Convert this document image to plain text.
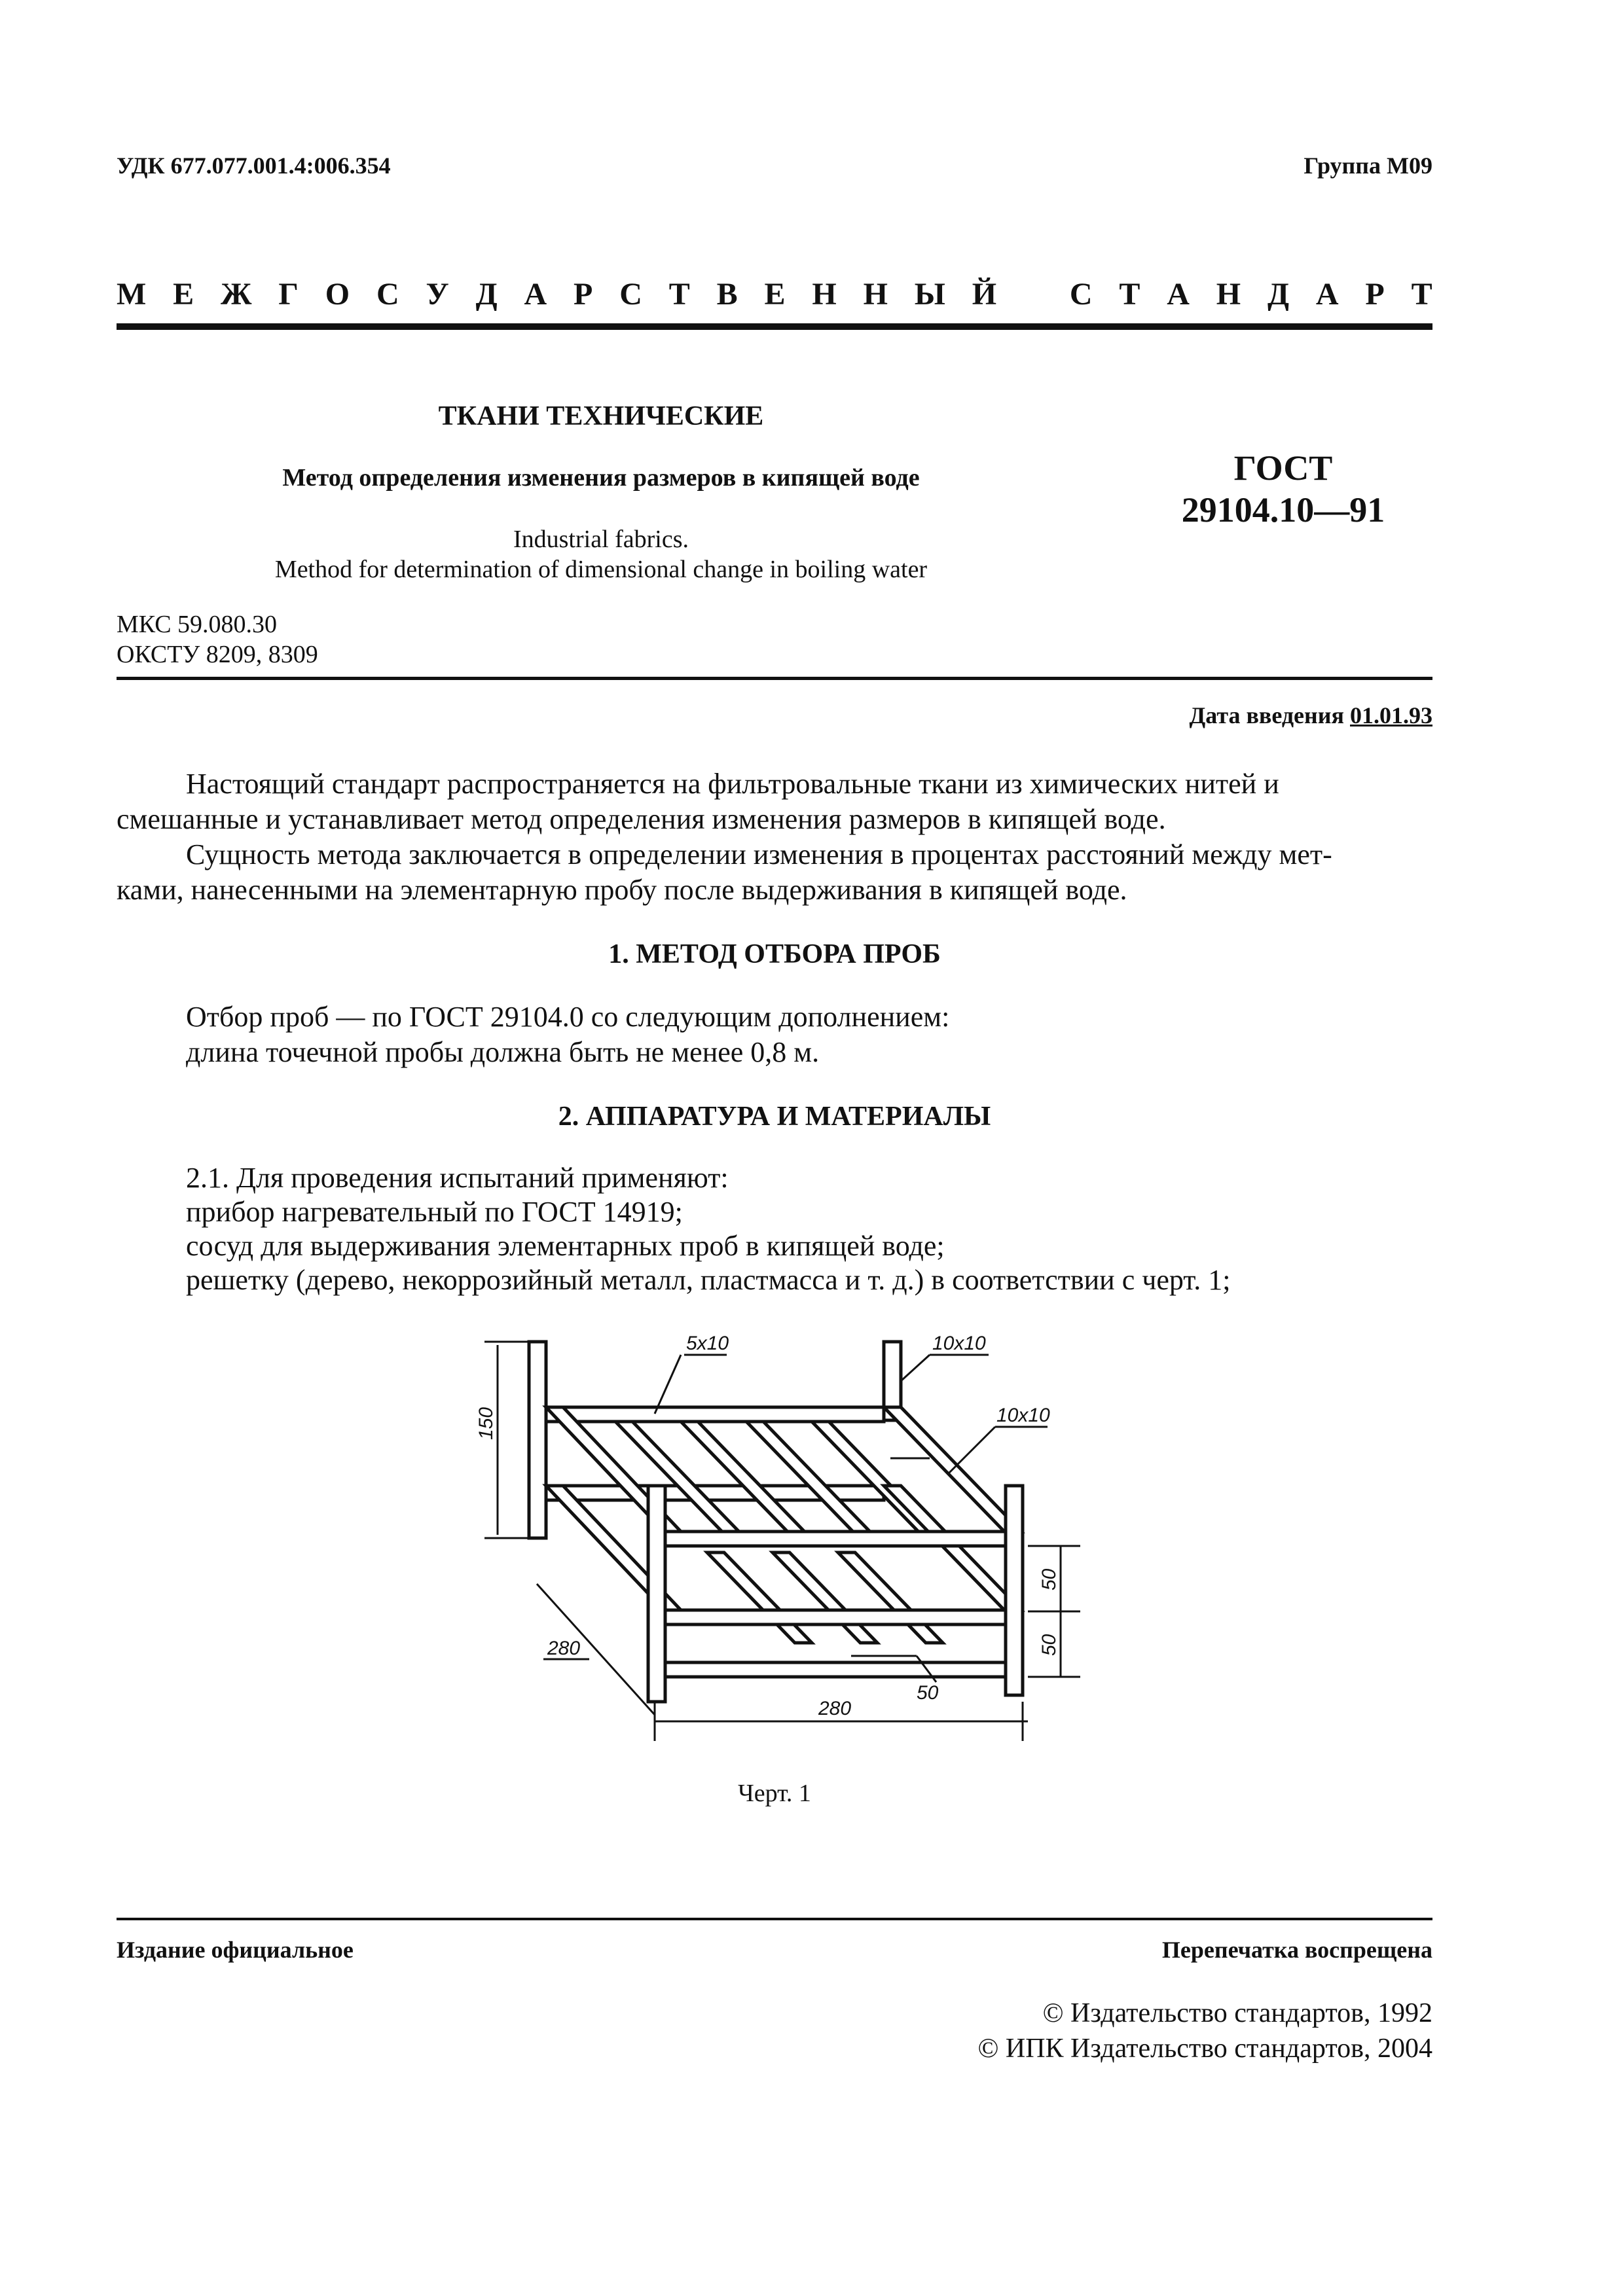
УДК 677.077.001.4:006.354	Группа М09
М Е Ж Г О С У Д А Р С Т В Е Н Н Ы Й С Т А Н Д А Р Т
ТКАНИ ТЕХНИЧЕСКИЕ
Метод определения изменения размеров в кипящей воде
Industrial fabrics.
Method for determination of dimensional change in boiling water
ГОСТ
29104.10—91
МКС 59.080.30
ОКСТУ 8209, 8309
Дата введения 01.01.93
Настоящий стандарт распространяется на фильтровальные ткани из химических нитей и
смешанные и устанавливает метод определения изменения размеров в кипящей воде.
Сущность метода заключается в определении изменения в процентах расстояний между мет-
ками, нанесенными на элементарную пробу после выдерживания в кипящей воде.
1. МЕТОД ОТБОРА ПРОБ
Отбор проб — по ГОСТ 29104.0 со следующим дополнением:
длина точечной пробы должна быть не менее 0,8 м.
2. АППАРАТУРА И МАТЕРИАЛЫ
2.1. Для проведения испытаний применяют:
прибор нагревательный по ГОСТ 14919;
сосуд для выдерживания элементарных проб в кипящей воде;
решетку (дерево, некоррозийный металл, пластмасса и т. д.) в соответствии с черт. 1;
150
5x10	10x10
10x10
50
50
50
280
280
Черт. 1
Издание официальное	Перепечатка воспрещена
© Издательство стандартов, 1992
© ИПК Издательство стандартов, 2004
